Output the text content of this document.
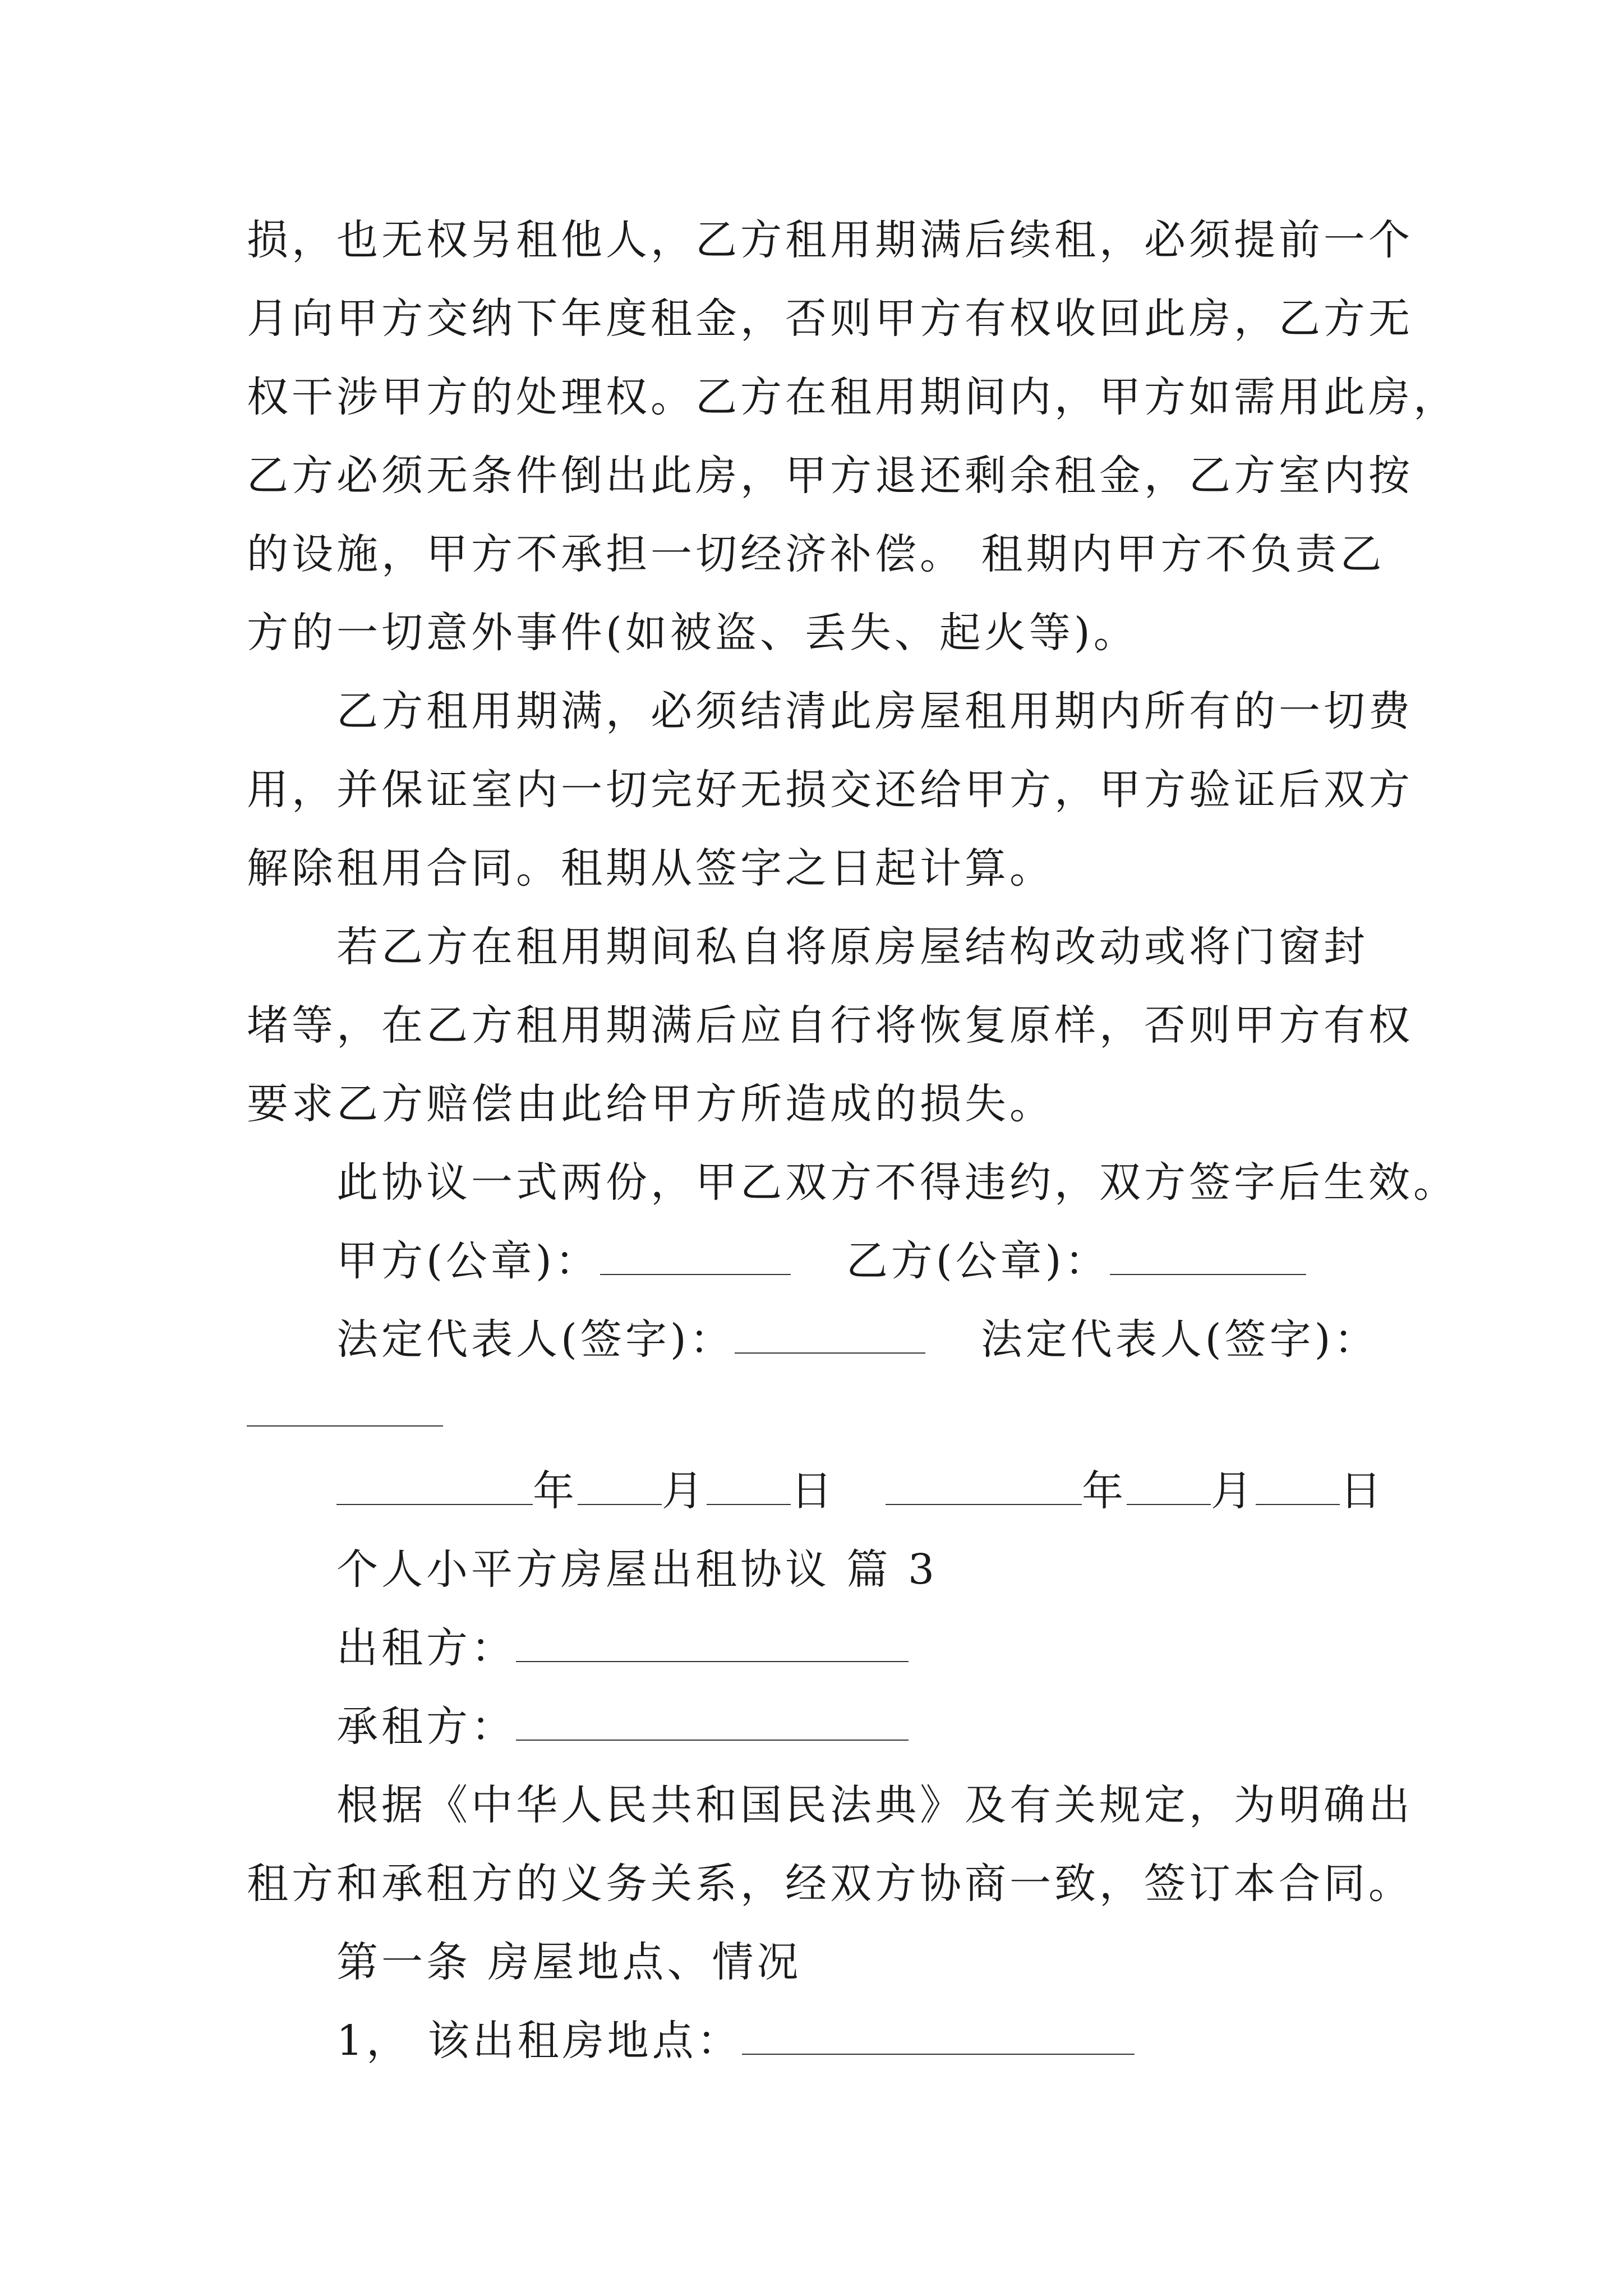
损，也无权另租他人，乙方租用期满后续租，必须提前一个
月向甲方交纳下年度租金，否则甲方有权收回此房，乙方无
权干涉甲方的处理权。乙方在租用期间内，甲方如需用此房，
乙方必须无条件倒出此房，甲方退还剩余租金，乙方室内按
的设施，甲方不承担一切经济补偿。 租期内甲方不负责乙
方的一切意外事件(如被盗、丢失、起火等)。
乙方租用期满，必须结清此房屋租用期内所有的一切费
用，并保证室内一切完好无损交还给甲方，甲方验证后双方
解除租用合同。租期从签字之日起计算。
若乙方在租用期间私自将原房屋结构改动或将门窗封
堵等，在乙方租用期满后应自行将恢复原样，否则甲方有权
要求乙方赔偿由此给甲方所造成的损失。
此协议一式两份，甲乙双方不得违约，双方签字后生效。
甲方(公章)：	乙方(公章)：
法定代表人(签字)：	法定代表人(签字)：
年 月 日	年 月 日
个人小平方房屋出租协议 篇 3
出租方：
承租方：
根据《中华人民共和国民法典》及有关规定，为明确出
租方和承租方的义务关系，经双方协商一致，签订本合同。
第一条 房屋地点、情况
1， 该出租房地点：
